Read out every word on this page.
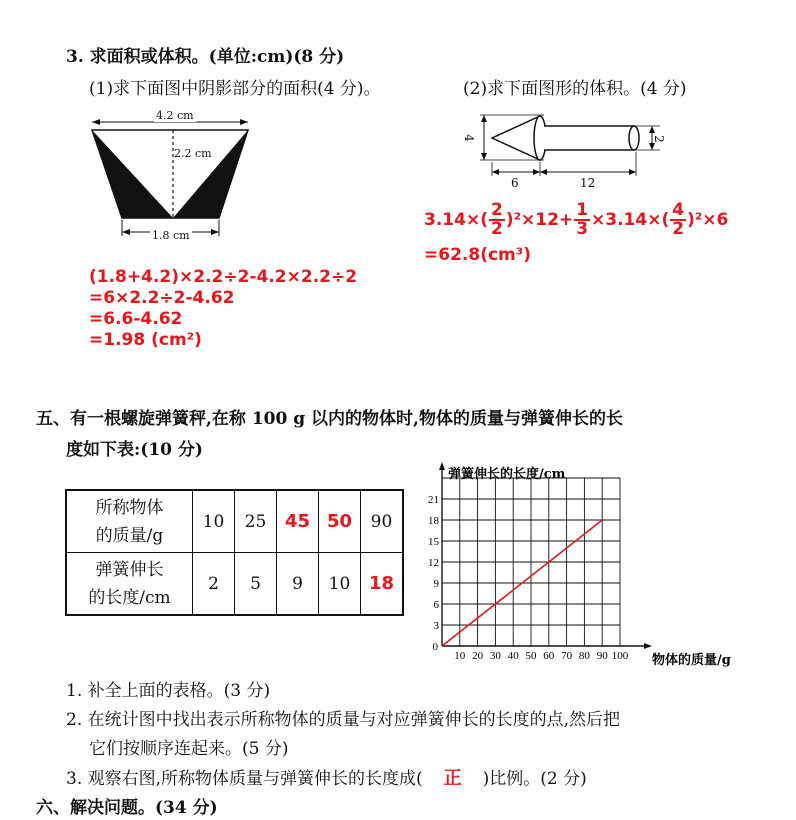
3. 求面积或体积。(单位:cm)(8 分)
(1)求下面图中阴影部分的面积(4 分)。	(2)求下面图形的体积。(4 分)
4.2 cm
2.2 cm
1.8 cm
4	2
6	12
$3.14\times( \frac{2}{2} )^2\times 12+ \frac{1}{3} \times 3.14\times( \frac{4}{2} )^2\times 6$
=62.8(cm³)
(1.8+4.2)×2.2÷2-4.2×2.2÷2
=6×2.2÷2-4.62
=6.6-4.62
=1.98 (cm²)
五、有一根螺旋弹簧秤,在称 100 g 以内的物体时,物体的质量与弹簧伸长的长
度如下表:(10 分)
所称物体
的质量/g	10	25	45	50	90

弹簧伸长
的长度/cm	2	5	9	10	18
10 20 30 40 50 60 70 80 90 100
0
3
6
9
12
15
18
21
弹簧伸长的长度/cm
物体的质量/g
1. 补全上面的表格。(3 分)
2. 在统计图中找出表示所称物体的质量与对应弹簧伸长的长度的点,然后把
它们按顺序连起来。(5 分)
3. 观察右图,所称物体质量与弹簧伸长的长度成( 正 )比例。(2 分)
六、解决问题。(34 分)
